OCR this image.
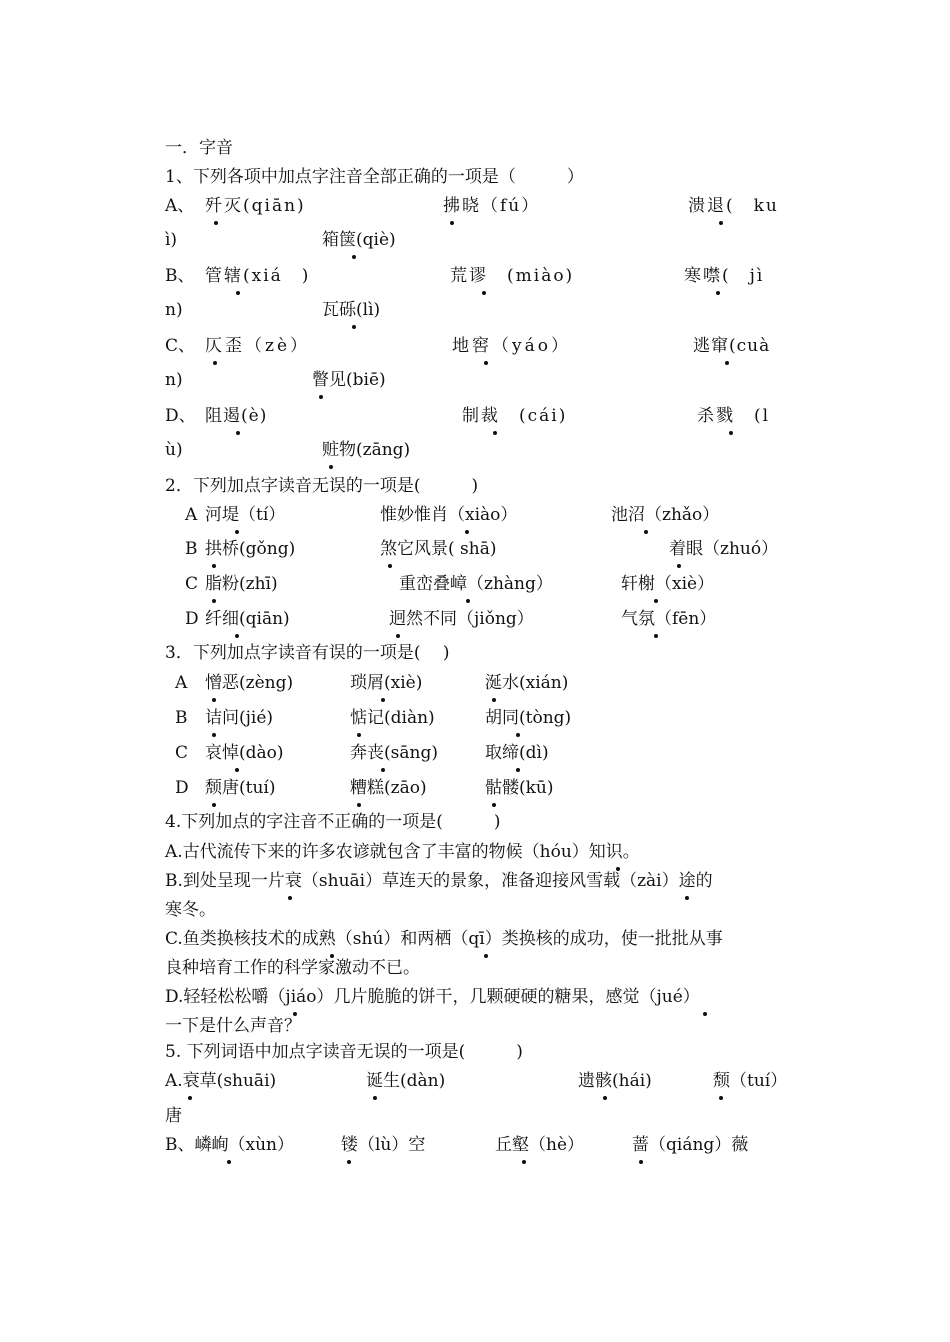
一．字音
1、下列各项中加点字注音全部正确的一项是（　　　）
A、 歼灭(qiān)	拂晓（fú）	溃退(　ku
ì)	箱箧(qiè)
B、 管辖(xiá　)	荒谬　(miào)	寒噤(　jì
n)	瓦砾(lì)
C、 仄歪（zè）	地窖（yáo）	逃窜(cuà
n)	瞥见(biē)
D、 阻遏(è)	制裁　(cái)	杀戮　(l
ù)	赃物(zāng)
2．下列加点字读音无误的一项是(　　　)
A 河堤（tí）	惟妙惟肖（xiào）	池沼（zhǎo）
B 拱桥(gǒng)	煞它风景( shā)	着眼（zhuó）
C 脂粉(zhī)	重峦叠嶂（zhàng）	轩榭（xiè）
D 纤细(qiān)	迥然不同（jiǒng）	气氛（fēn）
3．下列加点字读音有误的一项是(　 )
A 憎恶(zèng)	琐屑(xiè)	涎水(xián)
B 诘问(jié)	惦记(diàn)	胡同(tòng)
C 哀悼(dào)	奔丧(sāng)	取缔(dì)
D 颓唐(tuí)	糟糕(zāo)	骷髅(kū)
4.下列加点的字注音不正确的一项是(　　　)
A.古代流传下来的许多农谚就包含了丰富的物候（hóu）知识。
B.到处呈现一片衰（shuāi）草连天的景象，准备迎接风雪载（zài）途的
寒冬。
C.鱼类换核技术的成熟（shú）和两栖（qī）类换核的成功，使一批批从事
良种培育工作的科学家激动不已。
D.轻轻松松嚼（jiáo）几片脆脆的饼干，几颗硬硬的糖果，感觉（jué）
一下是什么声音？
5. 下列词语中加点字读音无误的一项是(　　　)
A.衰草(shuāi)	诞生(dàn)	遗骸(hái)	颓（tuí）
唐
B、嶙峋（xùn）	镂（lù）空	丘壑（hè）	蔷（qiáng）薇
